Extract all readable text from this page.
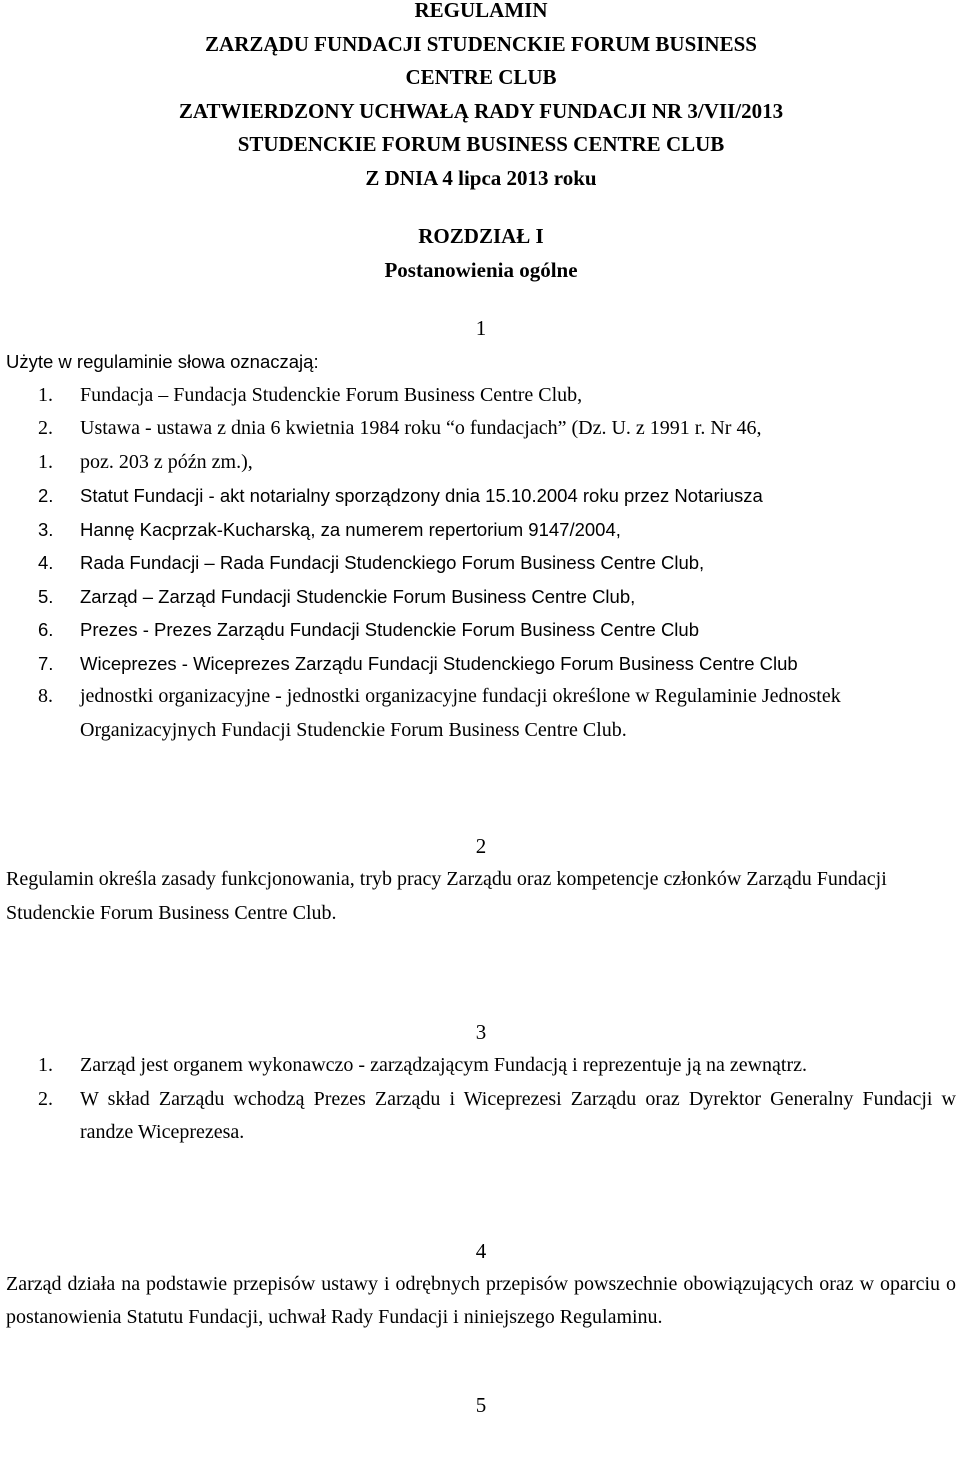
REGULAMIN
ZARZĄDU FUNDACJI STUDENCKIE FORUM BUSINESS
CENTRE CLUB
ZATWIERDZONY UCHWAŁĄ RADY FUNDACJI NR 3/VII/2013
STUDENCKIE FORUM BUSINESS CENTRE CLUB
Z DNIA 4 lipca 2013 roku
ROZDZIAŁ I
Postanowienia ogólne
1

Użyte w regulaminie słowa oznaczają:

1. Fundacja – Fundacja Studenckie Forum Business Centre Club,
2. Ustawa - ustawa z dnia 6 kwietnia 1984 roku “o fundacjach” (Dz. U. z 1991 r. Nr 46,
1. poz. 203 z późn zm.),
2. Statut Fundacji - akt notarialny sporządzony dnia 15.10.2004 roku przez Notariusza
3. Hannę Kacprzak-Kucharską, za numerem repertorium 9147/2004,
4. Rada Fundacji – Rada Fundacji Studenckiego Forum Business Centre Club,
5. Zarząd – Zarząd Fundacji Studenckie Forum Business Centre Club,
6. Prezes - Prezes Zarządu Fundacji Studenckie Forum Business Centre Club
7. Wiceprezes - Wiceprezes Zarządu Fundacji Studenckiego Forum Business Centre Club
8. jednostki organizacyjne - jednostki organizacyjne fundacji określone w Regulaminie Jednostek Organizacyjnych Fundacji Studenckie Forum Business Centre Club.
2

Regulamin określa zasady funkcjonowania, tryb pracy Zarządu oraz kompetencje członków Zarządu Fundacji Studenckie Forum Business Centre Club.

3
1. Zarząd jest organem wykonawczo - zarządzającym Fundacją i reprezentuje ją na zewnątrz.
2. W skład Zarządu wchodzą Prezes Zarządu i Wiceprezesi Zarządu oraz Dyrektor Generalny Fundacji w randze Wiceprezesa.
4

Zarząd działa na podstawie przepisów ustawy i odrębnych przepisów powszechnie obowiązujących oraz w oparciu o postanowienia Statutu Fundacji, uchwał Rady Fundacji i niniejszego Regulaminu.

5
